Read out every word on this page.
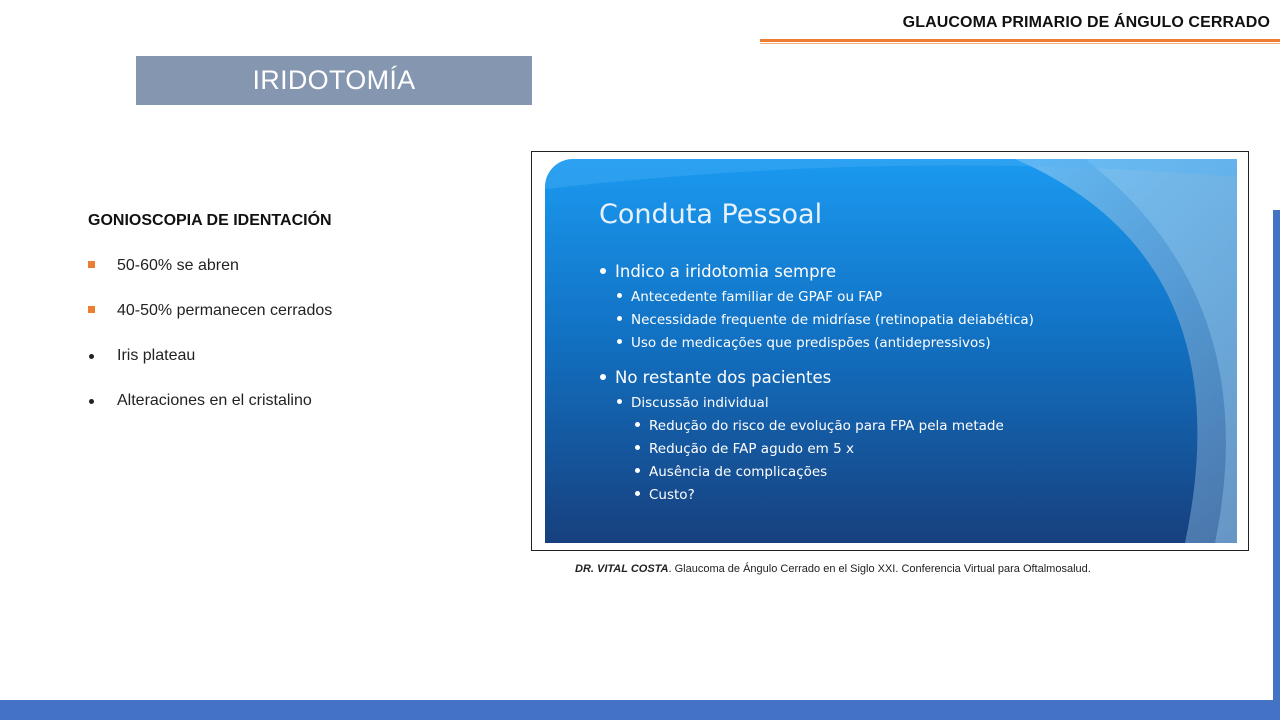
GLAUCOMA PRIMARIO DE ÁNGULO CERRADO
IRIDOTOMÍA
GONIOSCOPIA DE IDENTACIÓN
50-60% se abren
40-50% permanecen cerrados
Iris plateau
Alteraciones en el cristalino
Conduta Pessoal
Indico a iridotomia sempre
Antecedente familiar de GPAF ou FAP
Necessidade frequente de midríase (retinopatia deiabética)
Uso de medicações que predispões (antidepressivos)
No restante dos pacientes
Discussão individual
Redução do risco de evolução para FPA pela metade
Redução de FAP agudo em 5 x
Ausência de complicações
Custo?
DR. VITAL COSTA. Glaucoma de Ángulo Cerrado en el Siglo XXI. Conferencia Virtual para Oftalmosalud.
